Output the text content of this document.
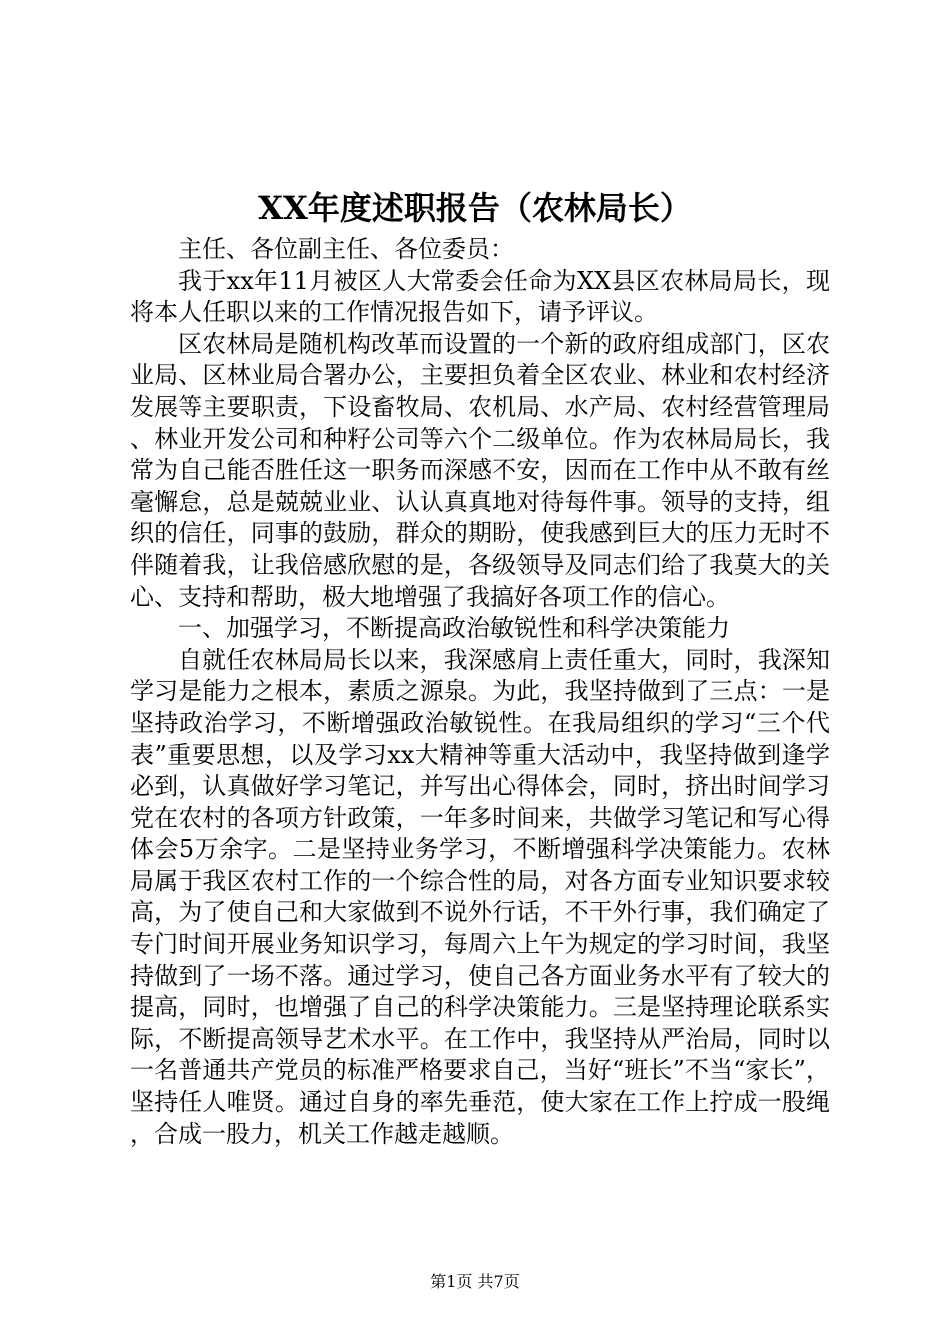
XX年度述职报告（农林局长）

主任、各位副主任、各位委员：

我于xx年11月被区人大常委会任命为XX县区农林局局长，现将本人任职以来的工作情况报告如下，请予评议。

区农林局是随机构改革而设置的一个新的政府组成部门，区农业局、区林业局合署办公，主要担负着全区农业、林业和农村经济发展等主要职责，下设畜牧局、农机局、水产局、农村经营管理局、林业开发公司和种籽公司等六个二级单位。作为农林局局长，我常为自己能否胜任这一职务而深感不安，因而在工作中从不敢有丝毫懈怠，总是兢兢业业、认认真真地对待每件事。领导的支持，组织的信任，同事的鼓励，群众的期盼，使我感到巨大的压力无时不伴随着我，让我倍感欣慰的是，各级领导及同志们给了我莫大的关心、支持和帮助，极大地增强了我搞好各项工作的信心。

一、加强学习，不断提高政治敏锐性和科学决策能力

自就任农林局局长以来，我深感肩上责任重大，同时，我深知学习是能力之根本，素质之源泉。为此，我坚持做到了三点：一是坚持政治学习，不断增强政治敏锐性。在我局组织的学习“三个代表”重要思想，以及学习xx大精神等重大活动中，我坚持做到逢学必到，认真做好学习笔记，并写出心得体会，同时，挤出时间学习党在农村的各项方针政策，一年多时间来，共做学习笔记和写心得体会5万余字。二是坚持业务学习，不断增强科学决策能力。农林局属于我区农村工作的一个综合性的局，对各方面专业知识要求较高，为了使自己和大家做到不说外行话，不干外行事，我们确定了专门时间开展业务知识学习，每周六上午为规定的学习时间，我坚持做到了一场不落。通过学习，使自己各方面业务水平有了较大的提高，同时，也增强了自己的科学决策能力。三是坚持理论联系实际，不断提高领导艺术水平。在工作中，我坚持从严治局，同时以一名普通共产党员的标准严格要求自己，当好“班长”不当“家长”，坚持任人唯贤。通过自身的率先垂范，使大家在工作上拧成一股绳，合成一股力，机关工作越走越顺。

第1页 共7页
